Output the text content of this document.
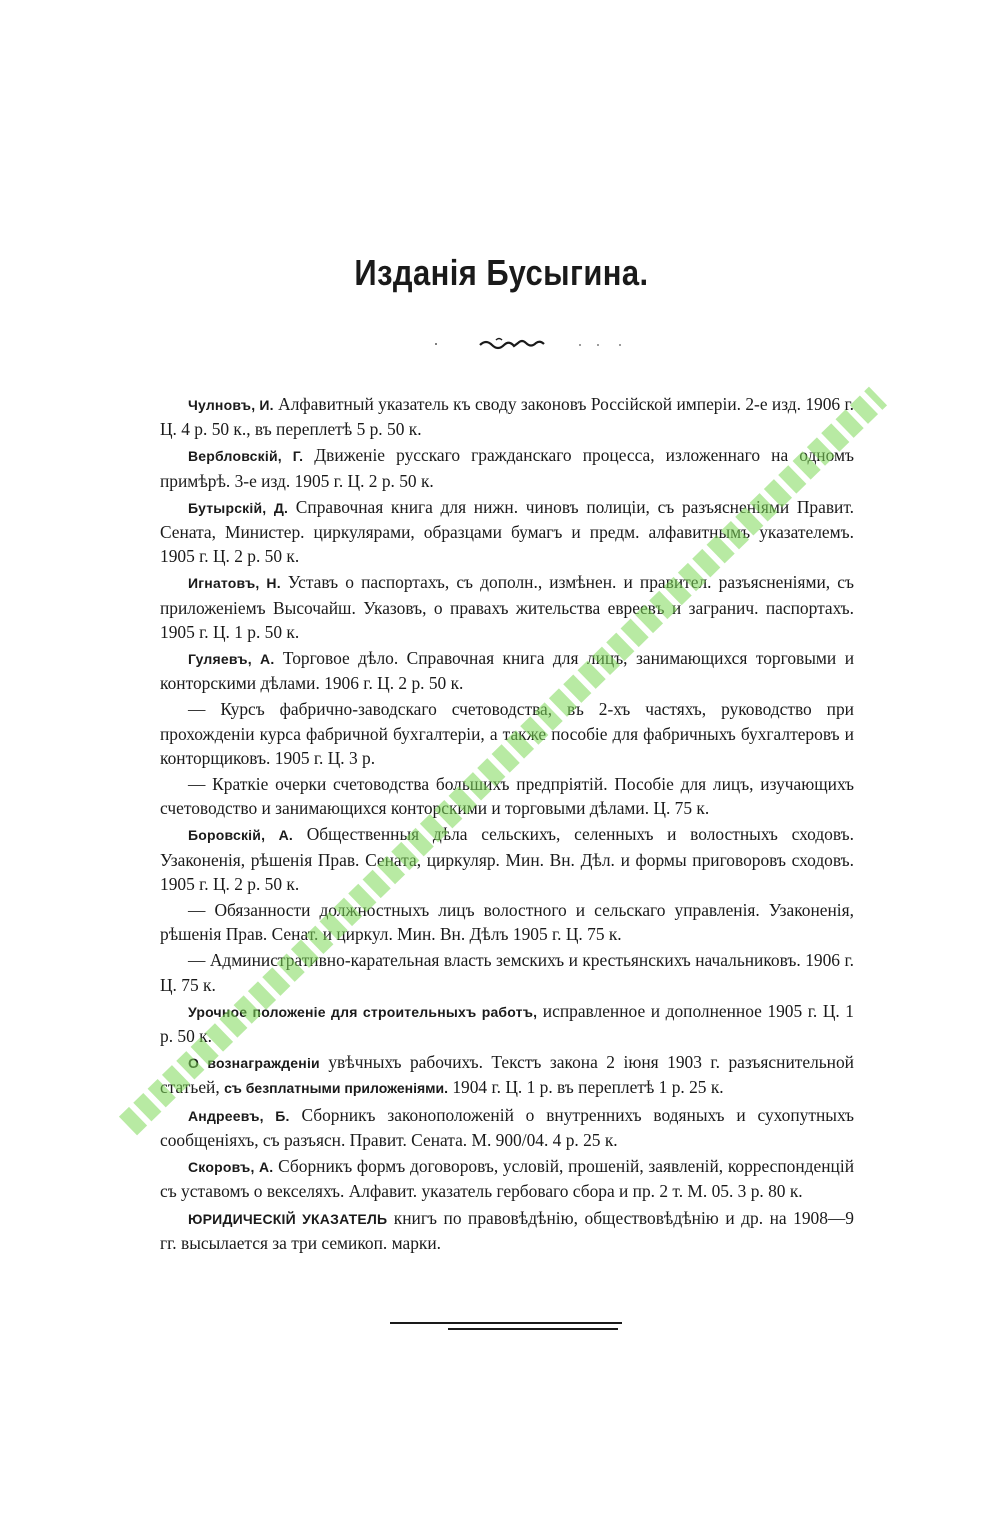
Изданія Бусыгина.

Чулновъ, И. Алфавитный указатель къ своду законовъ Россійской имперіи. 2-е изд. 1906 г. Ц. 4 р. 50 к., въ переплетѣ 5 р. 50 к.

Вербловскій, Г. Движеніе русскаго гражданскаго процесса, изложеннаго на одномъ примѣрѣ. 3-е изд. 1905 г. Ц. 2 р. 50 к.

Бутырскій, Д. Справочная книга для нижн. чиновъ полиціи, съ разъясненіями Правит. Сената, Министер. циркулярами, образцами бумагъ и предм. алфавитнымъ указателемъ. 1905 г. Ц. 2 р. 50 к.

Игнатовъ, Н. Уставъ о паспортахъ, съ дополн., измѣнен. и правител. разъясненіями, съ приложеніемъ Высочайш. Указовъ, о правахъ жительства евреевъ и загранич. паспортахъ. 1905 г. Ц. 1 р. 50 к.

Гуляевъ, А. Торговое дѣло. Справочная книга для лицъ, занимающихся торговыми и конторскими дѣлами. 1906 г. Ц. 2 р. 50 к.

— Курсъ фабрично-заводскаго счетоводства, въ 2-хъ частяхъ, руководство при прохожденіи курса фабричной бухгалтеріи, а также пособіе для фабричныхъ бухгалтеровъ и конторщиковъ. 1905 г. Ц. 3 р.

— Краткіе очерки счетоводства большихъ предпріятій. Пособіе для лицъ, изучающихъ счетоводство и занимающихся конторскими и торговыми дѣлами. Ц. 75 к.

Боровскій, А. Общественныя дѣла сельскихъ, селенныхъ и волостныхъ сходовъ. Узаконенія, рѣшенія Прав. Сената, циркуляр. Мин. Вн. Дѣл. и формы приговоровъ сходовъ. 1905 г. Ц. 2 р. 50 к.

— Обязанности должностныхъ лицъ волостного и сельскаго управленія. Узаконенія, рѣшенія Прав. Сенат. и циркул. Мин. Вн. Дѣлъ 1905 г. Ц. 75 к.

— Административно-карательная власть земскихъ и крестьянскихъ начальниковъ. 1906 г. Ц. 75 к.

Урочное положеніе для строительныхъ работъ, исправленное и дополненное 1905 г. Ц. 1 р. 50 к.

О вознагражденіи увѣчныхъ рабочихъ. Текстъ закона 2 іюня 1903 г. разъяснительной статьей, съ безплатными приложеніями. 1904 г. Ц. 1 р. въ переплетѣ 1 р. 25 к.

Андреевъ, Б. Сборникъ законоположеній о внутреннихъ водяныхъ и сухопутныхъ сообщеніяхъ, съ разъясн. Правит. Сената. М. 900/04. 4 р. 25 к.

Скоровъ, А. Сборникъ формъ договоровъ, условій, прошеній, заявленій, корреспонденцій съ уставомъ о векселяхъ. Алфавит. указатель гербоваго сбора и пр. 2 т. М. 05. 3 р. 80 к.

ЮРИДИЧЕСКІЙ УКАЗАТЕЛЬ книгъ по правовѣдѣнію, обществовѣдѣнію и др. на 1908—9 гг. высылается за три семикоп. марки.
